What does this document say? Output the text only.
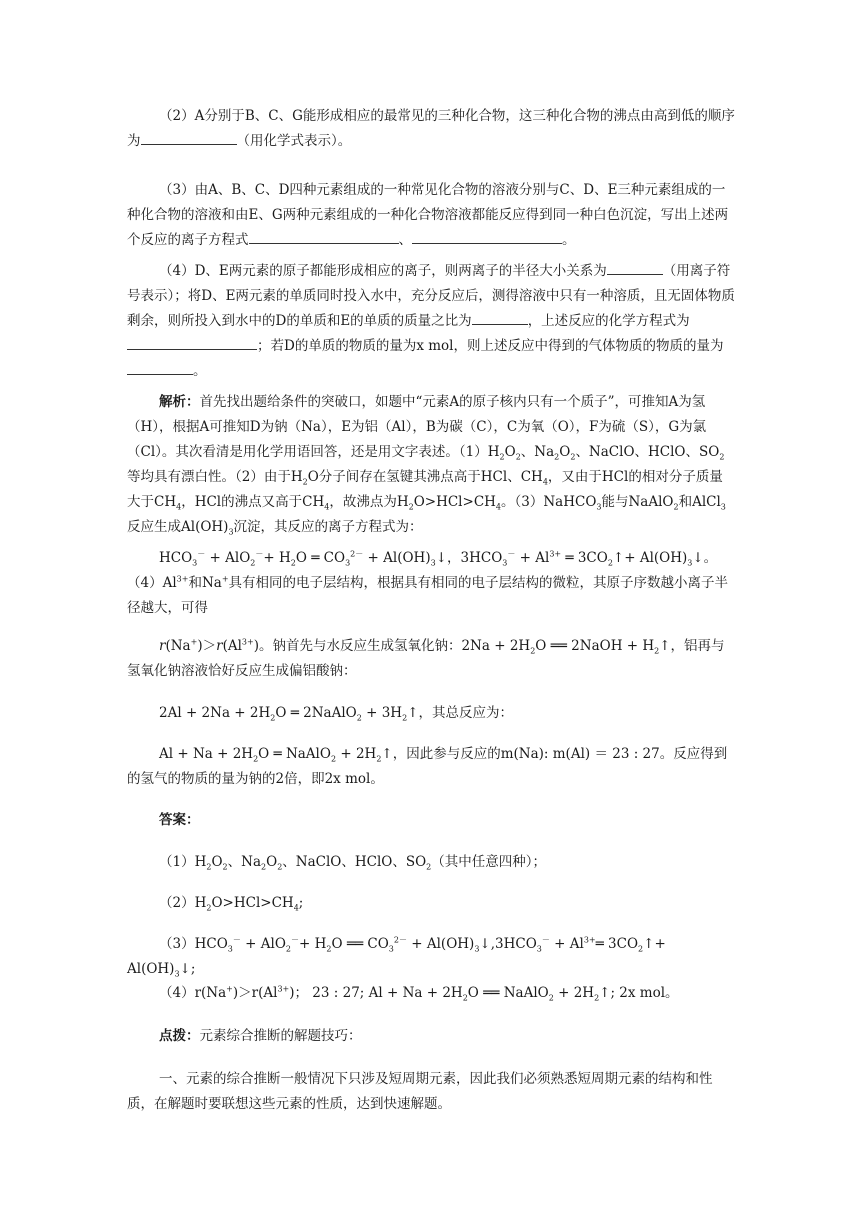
（2）A分别于B、C、G能形成相应的最常见的三种化合物，这三种化合物的沸点由高到低的顺序为	（用化学式表示）。

（3）由A、B、C、D四种元素组成的一种常见化合物的溶液分别与C、D、E三种元素组成的一种化合物的溶液和由E、G两种元素组成的一种化合物溶液都能反应得到同一种白色沉淀，写出上述两个反应的离子方程式	、	。

（4）D、E两元素的原子都能形成相应的离子，则两离子的半径大小关系为	（用离子符号表示）；将D、E两元素的单质同时投入水中，充分反应后，测得溶液中只有一种溶质，且无固体物质剩余，则所投入到水中的D的单质和E的单质的质量之比为	，上述反应的化学方程式为；若D的单质的物质的量为x mol，则上述反应中得到的气体物质的物质的量为。

解析：首先找出题给条件的突破口，如题中“元素A的原子核内只有一个质子”，可推知A为氢（H），根据A可推知D为钠（Na），E为铝（Al），B为碳（C），C为氧（O），F为硫（S），G为氯（Cl）。其次看清是用化学用语回答，还是用文字表述。$(1)H_2O_2$、$Na_2O_2$、NaClO、HClO、$SO_2$等均具有漂白性。（2）由于$H_2O$分子间存在氢键其沸点高于HCl、$CH_4$，又由于HCl的相对分子质量大于$CH_4$，HCl的沸点又高于$CH_4$，故沸点为$H_2O>HCl>CH_4$。（3）NaHCO$_3$能与NaAlO$_2$和AlCl$_3$反应生成$Al(OH)_3$沉淀，其反应的离子方程式为：

$HCO_3^- + AlO_2^-+ H_2O$ ═ $CO_3^{2-}$ + $Al(OH)_3↓$，$3HCO_3^- + Al^{3+}$ ═ $3CO_2↑+$ $Al(OH)_3↓$。$(4)Al^{3+}$和Na+具有相同的电子层结构，根据具有相同的电子层结构的微粒，其原子序数越小离子半径越大，可得

$r(Na^+)>r(Al^{3+})$。钠首先与水反应生成氢氧化钠：$2Na + 2H_2O$ ══ 2NaOH + $H_2↑$，铝再与氢氧化钠溶液恰好反应生成偏铝酸钠：

$2Al + 2Na + 2H_2O$ ═ 2NaAlO$_2$ + $3H_2↑$，其总反应为：

$Al + Na + 2H_2O$ ═ NaAlO$_2$ + $2H_2↑$，因此参与反应的m(Na): m(Al) ＝ 23 : 27。反应得到的氢气的物质的量为钠的2倍，即2x mol。

答案：

$(1)H_2O_2$、$Na_2O_2$、NaClO、HClO、$SO_2$（其中任意四种）；

$(2)H_2O>HCl>CH_4$;

$(3)HCO_3^- + AlO_2^-+ H_2O$ ══ $CO_3^{2-}$ + $Al(OH)_3↓,3HCO_3^-$ + $Al^{3+}═$ $3CO_2↑+$ $Al(OH)_3↓$;

$(4)r(Na^+)>r(Al^{3+})$； 23 : 27; $Al + Na + 2H_2O$ ══ NaAlO$_2$ + $2H_2↑$; 2x mol。

点拨：元素综合推断的解题技巧：

一、元素的综合推断一般情况下只涉及短周期元素，因此我们必须熟悉短周期元素的结构和性质，在解题时要联想这些元素的性质，达到快速解题。
